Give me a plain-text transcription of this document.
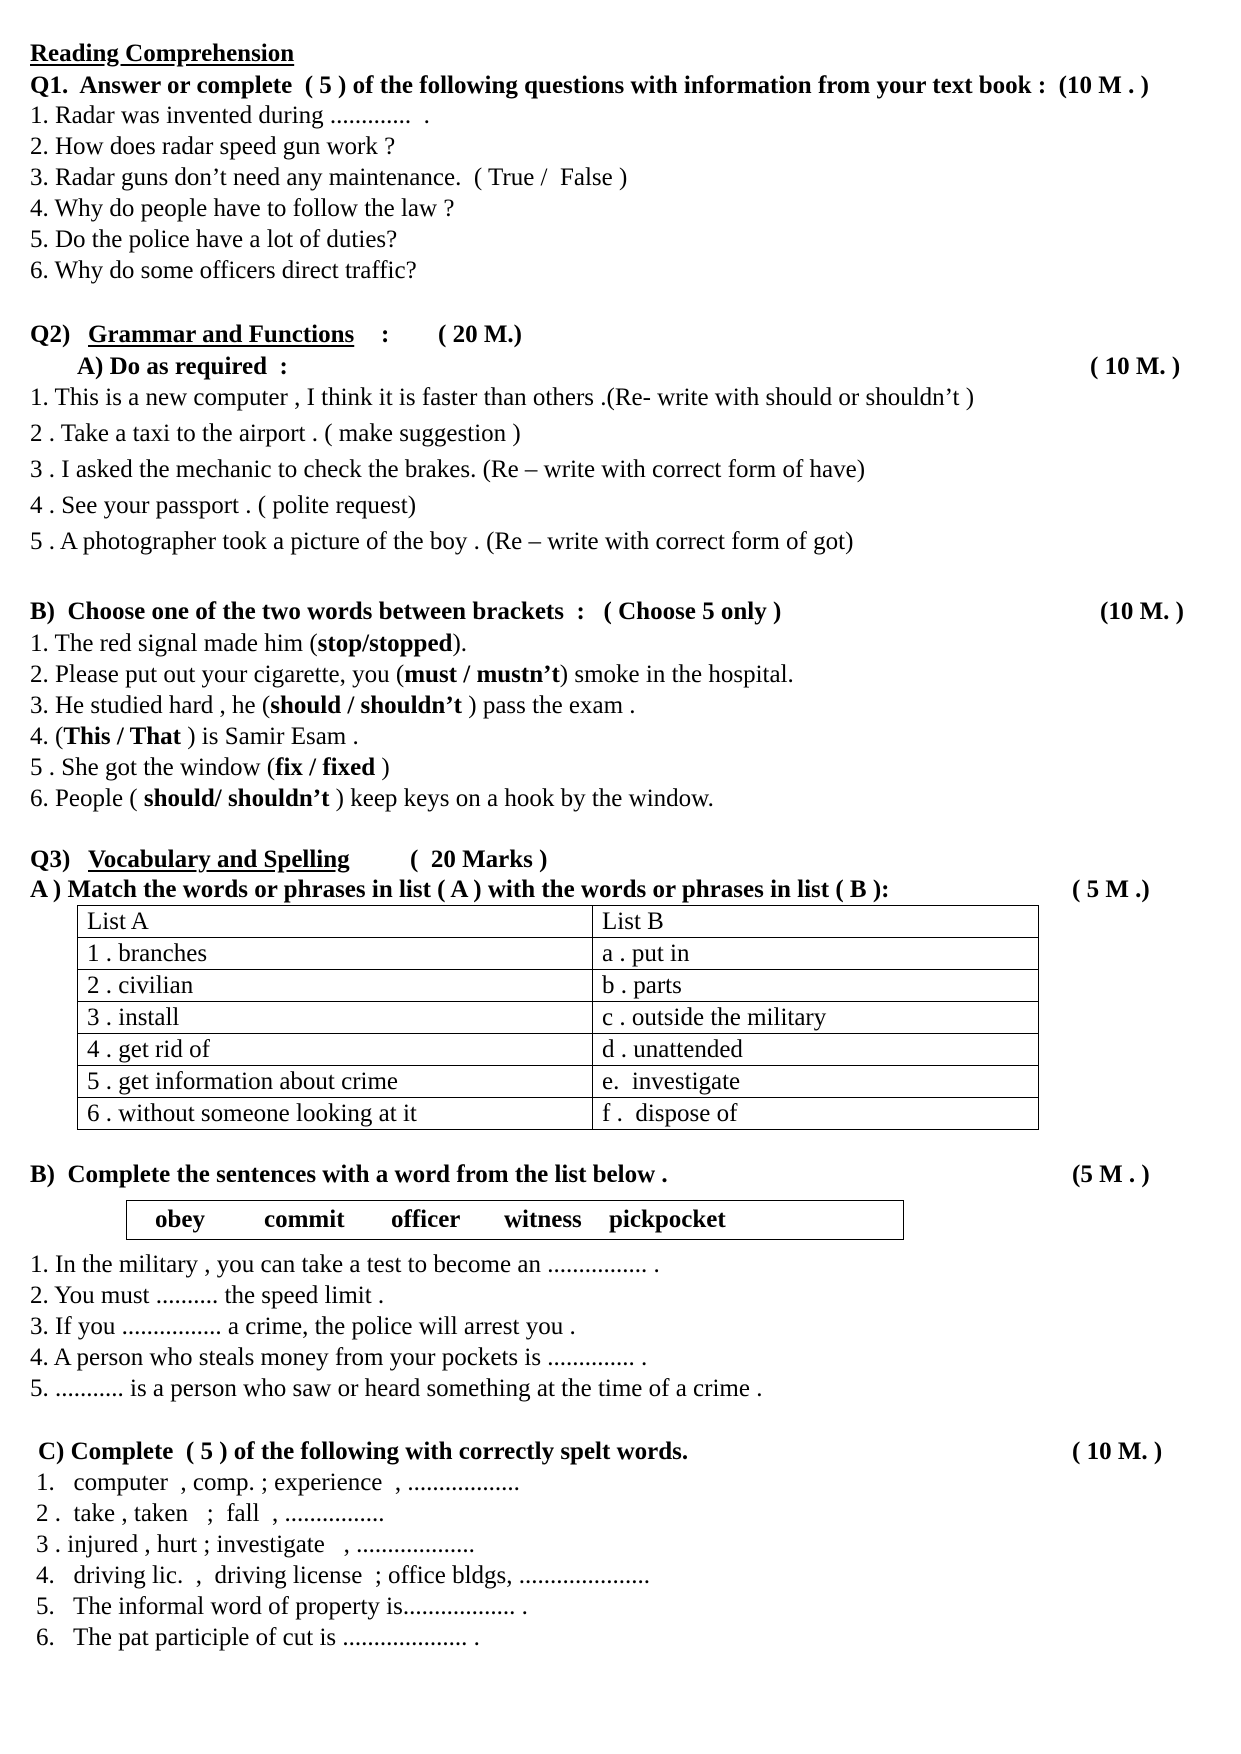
Reading Comprehension
Q1.  Answer or complete  ( 5 ) of the following questions with information from your text book :  (10 M . )
1. Radar was invented during .............  .
2. How does radar speed gun work ?
3. Radar guns don’t need any maintenance.  ( True /  False )
4. Why do people have to follow the law ?
5. Do the police have a lot of duties?
6. Why do some officers direct traffic?
Q2) Grammar and Functions : ( 20 M.)
A) Do as required  :	( 10 M. )
1. This is a new computer , I think it is faster than others .(Re- write with should or shouldn’t )
2 . Take a taxi to the airport . ( make suggestion )
3 . I asked the mechanic to check the brakes. (Re – write with correct form of have)
4 . See your passport . ( polite request)
5 . A photographer took a picture of the boy . (Re – write with correct form of got)
B)  Choose one of the two words between brackets  :   ( Choose 5 only )	(10 M. )
1. The red signal made him (stop/stopped).
2. Please put out your cigarette, you (must / mustn’t) smoke in the hospital.
3. He studied hard , he (should / shouldn’t ) pass the exam .
4. (This / That ) is Samir Esam .
5 . She got the window (fix / fixed )
6. People ( should/ shouldn’t ) keep keys on a hook by the window.
Q3) Vocabulary and Spelling (  20 Marks )
A ) Match the words or phrases in list ( A ) with the words or phrases in list ( B ):	( 5 M .)
List A	List B
1 . branches	a . put in
2 . civilian	b . parts
3 . install	c . outside the military
4 . get rid of	d . unattended
5 . get information about crime	e.  investigate
6 . without someone looking at it	f .  dispose of
B)  Complete the sentences with a word from the list below .	(5 M . )

obey

commit

officer

witness

pickpocket

1. In the military , you can take a test to become an ................ .
2. You must .......... the speed limit .
3. If you ................ a crime, the police will arrest you .
4. A person who steals money from your pockets is .............. .
5. ........... is a person who saw or heard something at the time of a crime .
C) Complete  ( 5 ) of the following with correctly spelt words.	( 10 M. )
1.   computer  , comp. ; experience  , ..................
2 .  take , taken   ;  fall  , ................
3 . injured , hurt ; investigate   , ...................
4.   driving lic.  ,  driving license  ; office bldgs, .....................
5.   The informal word of property is.................. .
6.   The pat participle of cut is .................... .
